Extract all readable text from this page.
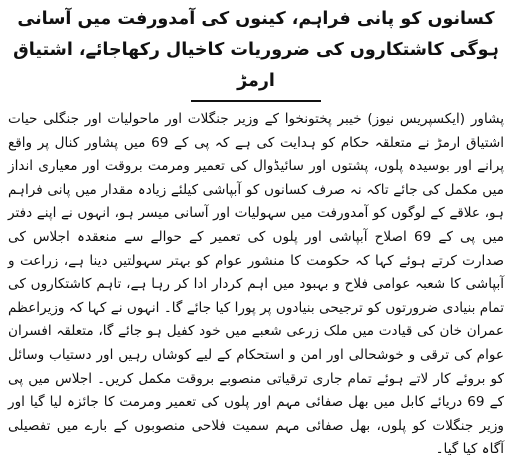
کسانوں کو پانی فراہم، کینوں کی آمدورفت میں آسانی ہوگی کاشتکاروں کی ضروریات کاخیال رکھاجائے، اشتیاق ارمڑ

پشاور (ایکسپریس نیوز) خیبر پختونخوا کے وزیر جنگلات اور ماحولیات اور جنگلی حیات اشتیاق ارمڑ نے متعلقہ حکام کو ہدایت کی ہے کہ پی کے 69 میں پشاور کنال پر واقع پرانے اور بوسیدہ پلوں، پشتوں اور سائیڈوال کی تعمیر ومرمت بروقت اور معیاری انداز میں مکمل کی جائے تاکہ نہ صرف کسانوں کو آبپاشی کیلئے زیادہ مقدار میں پانی فراہم ہو، علاقے کے لوگوں کو آمدورفت میں سہولیات اور آسانی میسر ہو، انہوں نے اپنے دفتر میں پی کے 69 اصلاح آبپاشی اور پلوں کی تعمیر کے حوالے سے منعقدہ اجلاس کی صدارت کرتے ہوئے کہا کہ حکومت کا منشور عوام کو بہتر سہولتیں دینا ہے، زراعت و آبپاشی کا شعبہ عوامی فلاح و بہبود میں اہم کردار ادا کر رہا ہے، تاہم کاشتکاروں کی تمام بنیادی ضرورتوں کو ترجیحی بنیادوں پر پورا کیا جائے گا۔ انہوں نے کہا کہ وزیراعظم عمران خان کی قیادت میں ملک زرعی شعبے میں خود کفیل ہو جائے گا، متعلقہ افسران عوام کی ترقی و خوشحالی اور امن و استحکام کے لیے کوشاں رہیں اور دستیاب وسائل کو بروئے کار لاتے ہوئے تمام جاری ترقیاتی منصوبے بروقت مکمل کریں۔ اجلاس میں پی کے 69 دریائے کابل میں بھل صفائی مہم اور پلوں کی تعمیر ومرمت کا جائزہ لیا گیا اور وزیر جنگلات کو پلوں، بھل صفائی مہم سمیت فلاحی منصوبوں کے بارے میں تفصیلی آگاہ کیا گیا۔
